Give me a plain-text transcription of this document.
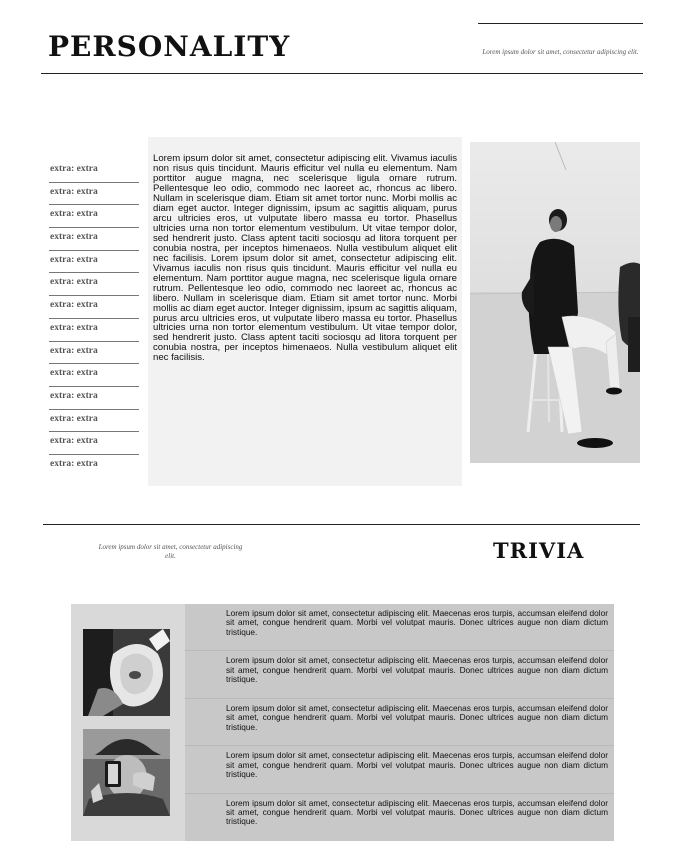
PERSONALITY	Lorem ipsum dolor sit amet, consectetur adipiscing elit.
extra: extra
extra: extra
extra: extra
extra: extra
extra: extra
extra: extra
extra: extra
extra: extra
extra: extra
extra: extra
extra: extra
extra: extra
extra: extra
extra: extra

Lorem ipsum dolor sit amet, consectetur adipiscing elit. Vivamus iaculis non risus quis tincidunt. Mauris efficitur vel nulla eu elementum. Nam porttitor augue magna, nec scelerisque ligula ornare rutrum. Pellentesque leo odio, commodo nec laoreet ac, rhoncus ac libero. Nullam in scelerisque diam. Etiam sit amet tortor nunc. Morbi mollis ac diam eget auctor. Integer dignissim, ipsum ac sagittis aliquam, purus arcu ultricies eros, ut vulputate libero massa eu tortor. Phasellus ultricies urna non tortor elementum vestibulum. Ut vitae tempor dolor, sed hendrerit justo. Class aptent taciti sociosqu ad litora torquent per conubia nostra, per inceptos himenaeos. Nulla vestibulum aliquet elit nec facilisis. Lorem ipsum dolor sit amet, consectetur adipiscing elit. Vivamus iaculis non risus quis tincidunt. Mauris efficitur vel nulla eu elementum. Nam porttitor augue magna, nec scelerisque ligula ornare rutrum. Pellentesque leo odio, commodo nec laoreet ac, rhoncus ac libero. Nullam in scelerisque diam. Etiam sit amet tortor nunc. Morbi mollis ac diam eget auctor. Integer dignissim, ipsum ac sagittis aliquam, purus arcu ultricies eros, ut vulputate libero massa eu tortor. Phasellus ultricies urna non tortor elementum vestibulum. Ut vitae tempor dolor, sed hendrerit justo. Class aptent taciti sociosqu ad litora torquent per conubia nostra, per inceptos himenaeos. Nulla vestibulum aliquet elit nec facilisis.

Lorem ipsum dolor sit amet, consectetur adipiscing elit.	TRIVIA
Lorem ipsum dolor sit amet, consectetur adipiscing elit. Maecenas eros turpis, accumsan eleifend dolor sit amet, congue hendrerit quam. Morbi vel volutpat mauris. Donec ultrices augue non diam dictum tristique.
Lorem ipsum dolor sit amet, consectetur adipiscing elit. Maecenas eros turpis, accumsan eleifend dolor sit amet, congue hendrerit quam. Morbi vel volutpat mauris. Donec ultrices augue non diam dictum tristique.
Lorem ipsum dolor sit amet, consectetur adipiscing elit. Maecenas eros turpis, accumsan eleifend dolor sit amet, congue hendrerit quam. Morbi vel volutpat mauris. Donec ultrices augue non diam dictum tristique.
Lorem ipsum dolor sit amet, consectetur adipiscing elit. Maecenas eros turpis, accumsan eleifend dolor sit amet, congue hendrerit quam. Morbi vel volutpat mauris. Donec ultrices augue non diam dictum tristique.
Lorem ipsum dolor sit amet, consectetur adipiscing elit. Maecenas eros turpis, accumsan eleifend dolor sit amet, congue hendrerit quam. Morbi vel volutpat mauris. Donec ultrices augue non diam dictum tristique.
